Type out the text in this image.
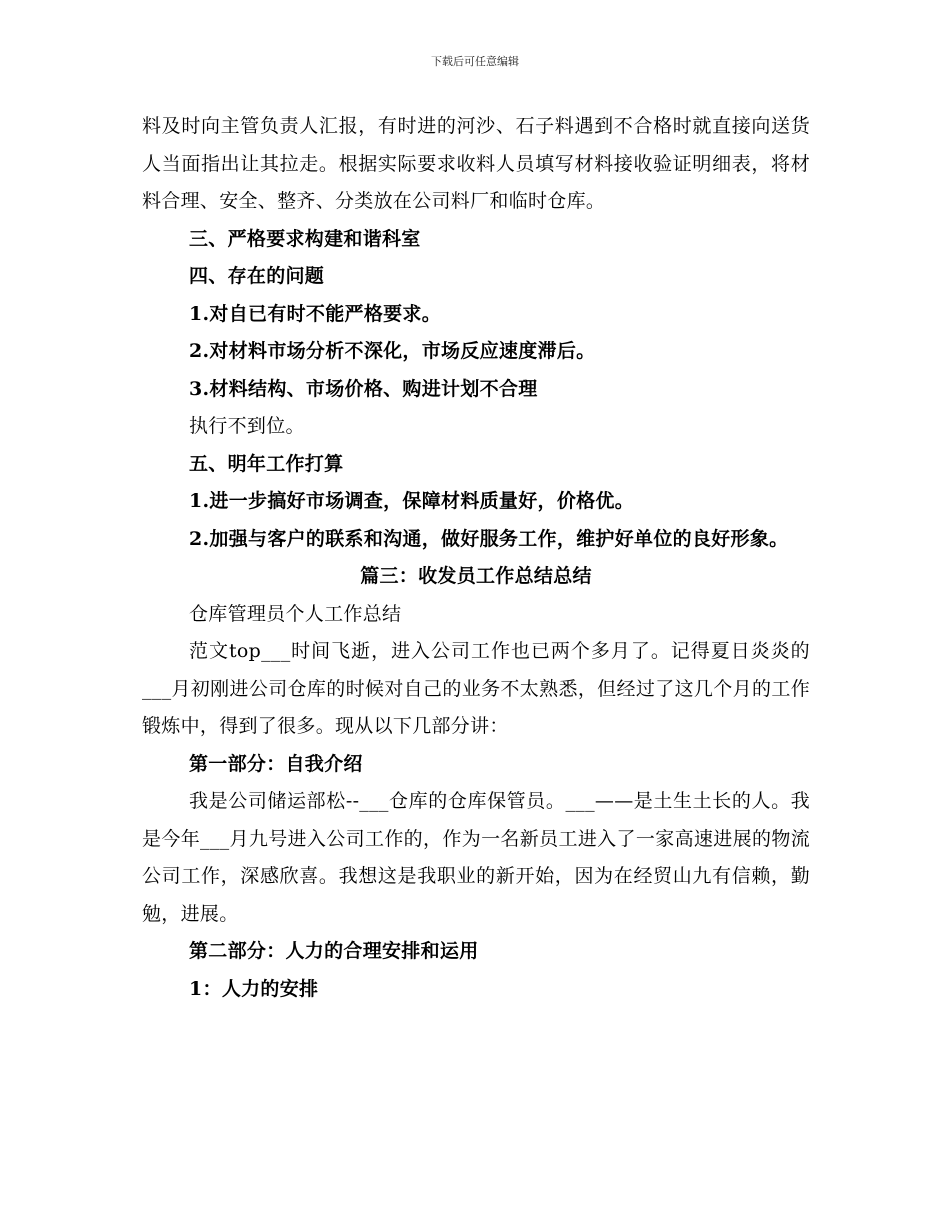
下载后可任意编辑

料及时向主管负责人汇报，有时进的河沙、石子料遇到不合格时就直接向送货人当面指出让其拉走。根据实际要求收料人员填写材料接收验证明细表，将材料合理、安全、整齐、分类放在公司料厂和临时仓库。

三、严格要求构建和谐科室

四、存在的问题

1.对自已有时不能严格要求。

2.对材料市场分析不深化，市场反应速度滞后。

3.材料结构、市场价格、购进计划不合理

执行不到位。

五、明年工作打算

1.进一步搞好市场调查，保障材料质量好，价格优。

2.加强与客户的联系和沟通，做好服务工作，维护好单位的良好形象。

篇三：收发员工作总结总结

仓库管理员个人工作总结

范文top___时间飞逝，进入公司工作也已两个多月了。记得夏日炎炎的___月初刚进公司仓库的时候对自己的业务不太熟悉，但经过了这几个月的工作锻炼中，得到了很多。现从以下几部分讲：

第一部分：自我介绍

我是公司储运部松--___仓库的仓库保管员。___——是土生土长的人。我是今年___月九号进入公司工作的，作为一名新员工进入了一家高速进展的物流公司工作，深感欣喜。我想这是我职业的新开始，因为在经贸山九有信赖，勤勉，进展。

第二部分：人力的合理安排和运用

1：人力的安排
